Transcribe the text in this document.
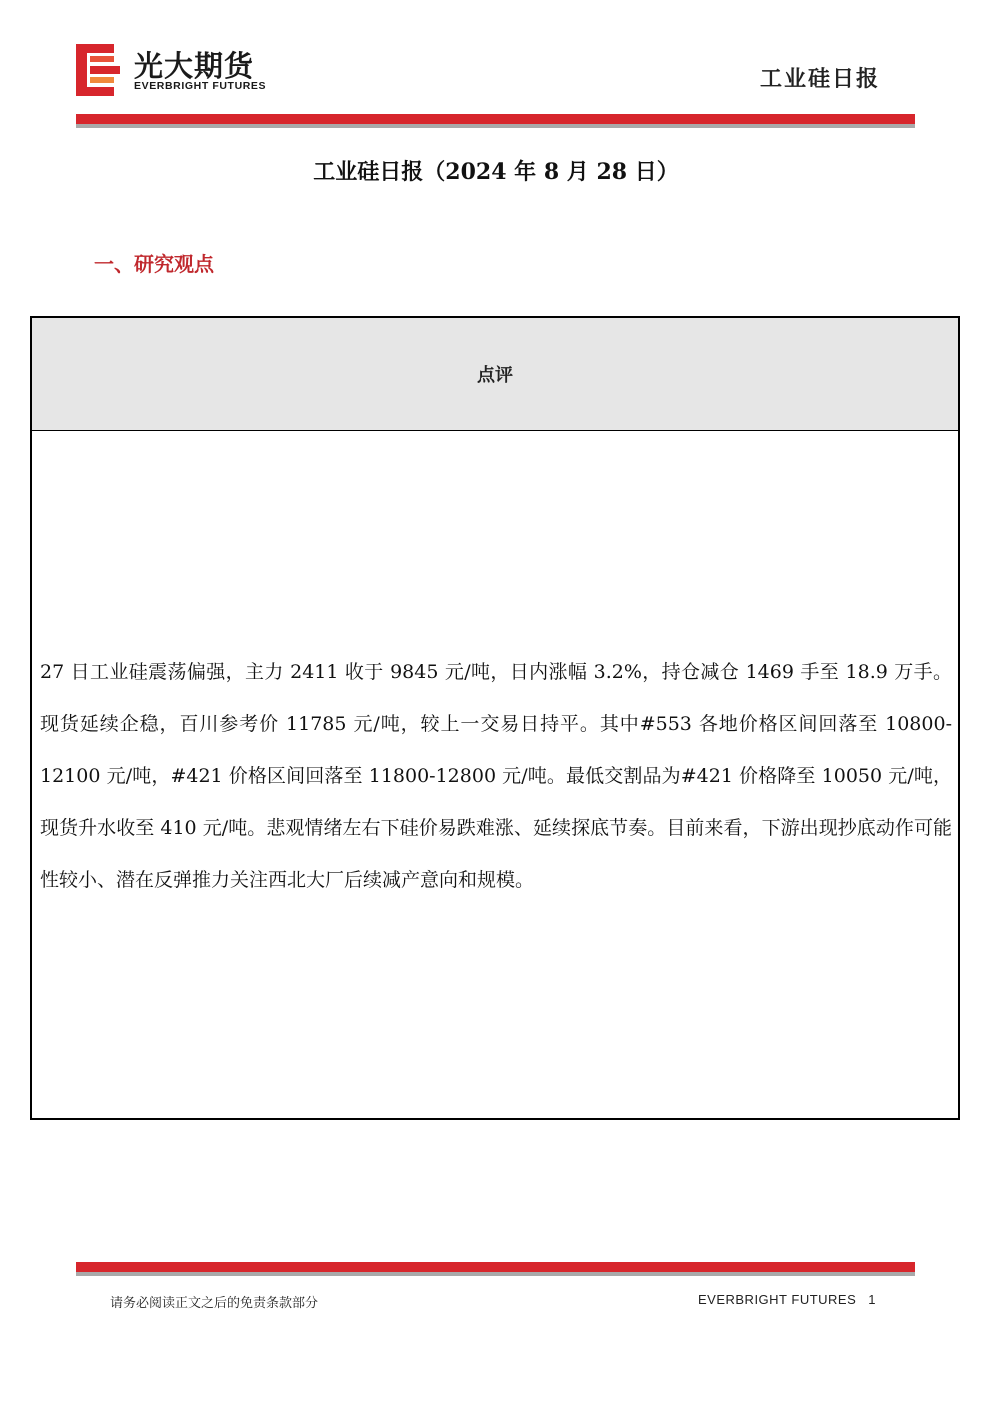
光大期货
EVERBRIGHT FUTURES	工业硅日报
工业硅日报（2024 年 8 月 28 日）
一、研究观点
点评
27 日工业硅震荡偏强，主力 2411 收于 9845 元/吨，日内涨幅 3.2%，持仓减仓 1469 手至 18.9 万手。现货延续企稳，百川参考价 11785 元/吨，较上一交易日持平。其中#553 各地价格区间回落至 10800-12100 元/吨，#421 价格区间回落至 11800-12800 元/吨。最低交割品为#421 价格降至 10050 元/吨，现货升水收至 410 元/吨。悲观情绪左右下硅价易跌难涨、延续探底节奏。目前来看，下游出现抄底动作可能性较小、潜在反弹推力关注西北大厂后续减产意向和规模。
请务必阅读正文之后的免责条款部分	EVERBRIGHT FUTURES 1
